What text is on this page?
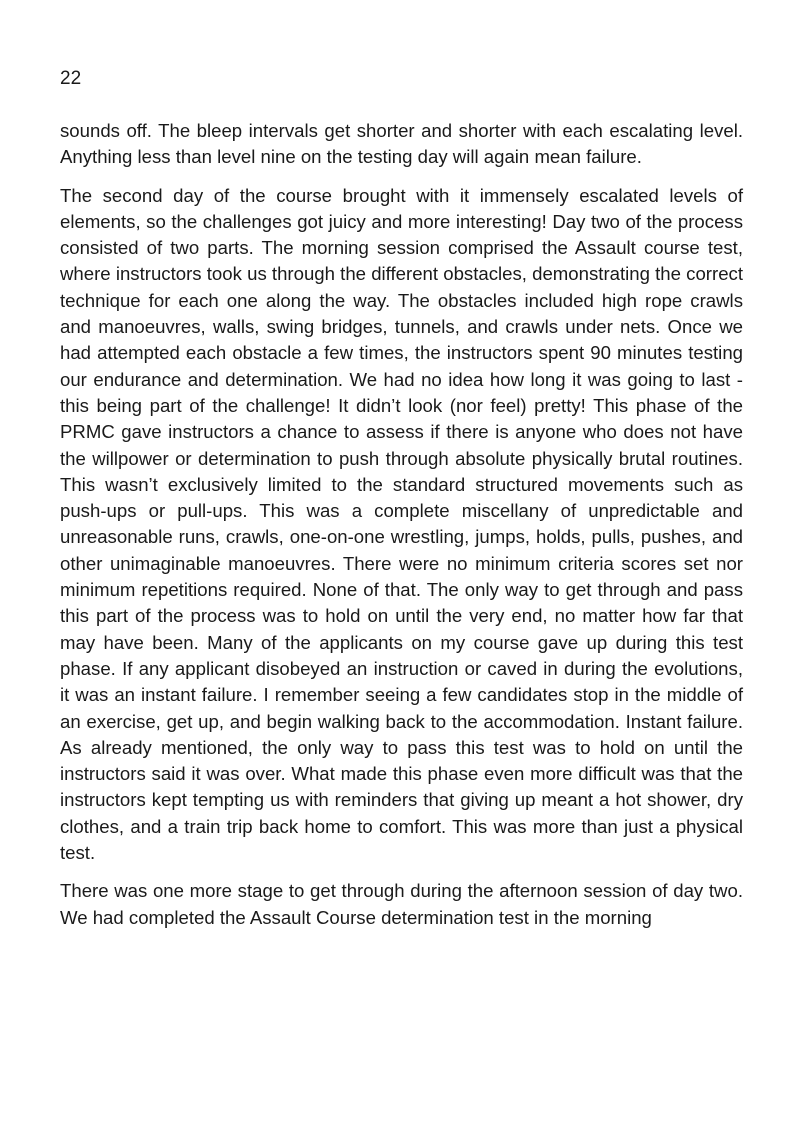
22

sounds off. The bleep intervals get shorter and shorter with each escalating level. Anything less than level nine on the testing day will again mean failure.

The second day of the course brought with it immensely escalated levels of elements, so the challenges got juicy and more interesting! Day two of the process consisted of two parts. The morning session comprised the Assault course test, where instructors took us through the different obstacles, demonstrating the correct technique for each one along the way. The obstacles included high rope crawls and manoeuvres, walls, swing bridges, tunnels, and crawls under nets. Once we had attempted each obstacle a few times, the instructors spent 90 minutes testing our endurance and determination. We had no idea how long it was going to last - this being part of the challenge! It didn’t look (nor feel) pretty! This phase of the PRMC gave instructors a chance to assess if there is anyone who does not have the willpower or determination to push through absolute physically brutal routines. This wasn’t exclusively limited to the standard structured movements such as push-ups or pull-ups. This was a complete miscellany of unpredictable and unreasonable runs, crawls, one-on-one wrestling, jumps, holds, pulls, pushes, and other unimaginable manoeuvres. There were no minimum criteria scores set nor minimum repetitions required. None of that. The only way to get through and pass this part of the process was to hold on until the very end, no matter how far that may have been. Many of the applicants on my course gave up during this test phase. If any applicant disobeyed an instruction or caved in during the evolutions, it was an instant failure. I remember seeing a few candidates stop in the middle of an exercise, get up, and begin walking back to the accommodation. Instant failure. As already mentioned, the only way to pass this test was to hold on until the instructors said it was over. What made this phase even more difficult was that the instructors kept tempting us with reminders that giving up meant a hot shower, dry clothes, and a train trip back home to comfort. This was more than just a physical test.

There was one more stage to get through during the afternoon session of day two. We had completed the Assault Course determination test in the morning
